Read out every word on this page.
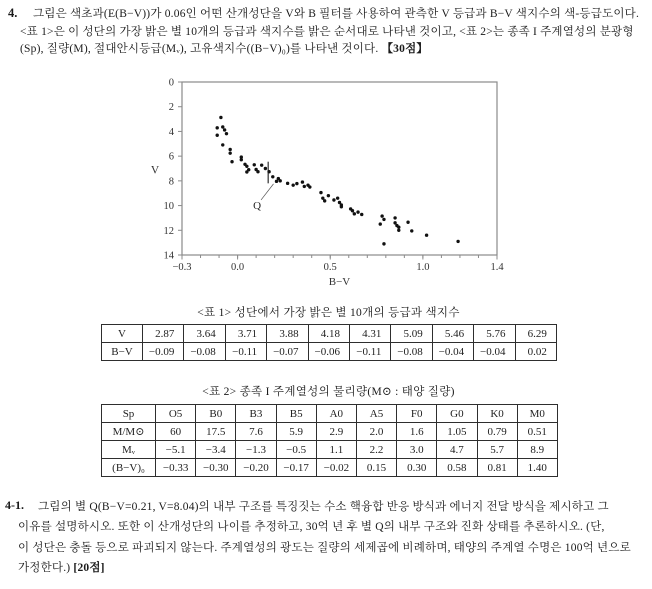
4.	그림은 색초과(E(B−V))가 0.06인 어떤 산개성단을 V와 B 필터를 사용하여 관측한 V 등급과 B−V 색지수의 색-등급도이다.
<표 1>은 이 성단의 가장 밝은 별 10개의 등급과 색지수를 밝은 순서대로 나타낸 것이고, <표 2>는 종족 I 주계열성의 분광형
(Sp), 질량(M), 절대안시등급(Mᵥ), 고유색지수((B−V)₀)를 나타낸 것이다. 【30점】
−0.3	0.0	0.5	1.0	1.4
B−V
0
2
4
6
8
10
12
14
V
Q
<표 1> 성단에서 가장 밝은 별 10개의 등급과 색지수
V	2.87	3.64	3.71	3.88	4.18	4.31	5.09	5.46	5.76	6.29
B−V	−0.09	−0.08	−0.11	−0.07	−0.06	−0.11	−0.08	−0.04	−0.04	0.02
<표 2> 종족 I 주계열성의 물리량(M⊙ : 태양 질량)
Sp	O5	B0	B3	B5	A0	A5	F0	G0	K0	M0
M/M⊙	60	17.5	7.6	5.9	2.9	2.0	1.6	1.05	0.79	0.51
Mᵥ	−5.1	−3.4	−1.3	−0.5	1.1	2.2	3.0	4.7	5.7	8.9
(B−V)₀	−0.33	−0.30	−0.20	−0.17	−0.02	0.15	0.30	0.58	0.81	1.40
4-1.	그림의 별 Q(B−V=0.21, V=8.04)의 내부 구조를 특징짓는 수소 핵융합 반응 방식과 에너지 전달 방식을 제시하고 그
이유를 설명하시오. 또한 이 산개성단의 나이를 추정하고, 30억 년 후 별 Q의 내부 구조와 진화 상태를 추론하시오. (단,
이 성단은 충돌 등으로 파괴되지 않는다. 주계열성의 광도는 질량의 세제곱에 비례하며, 태양의 주계열 수명은 100억 년으로
가정한다.) [20점]
